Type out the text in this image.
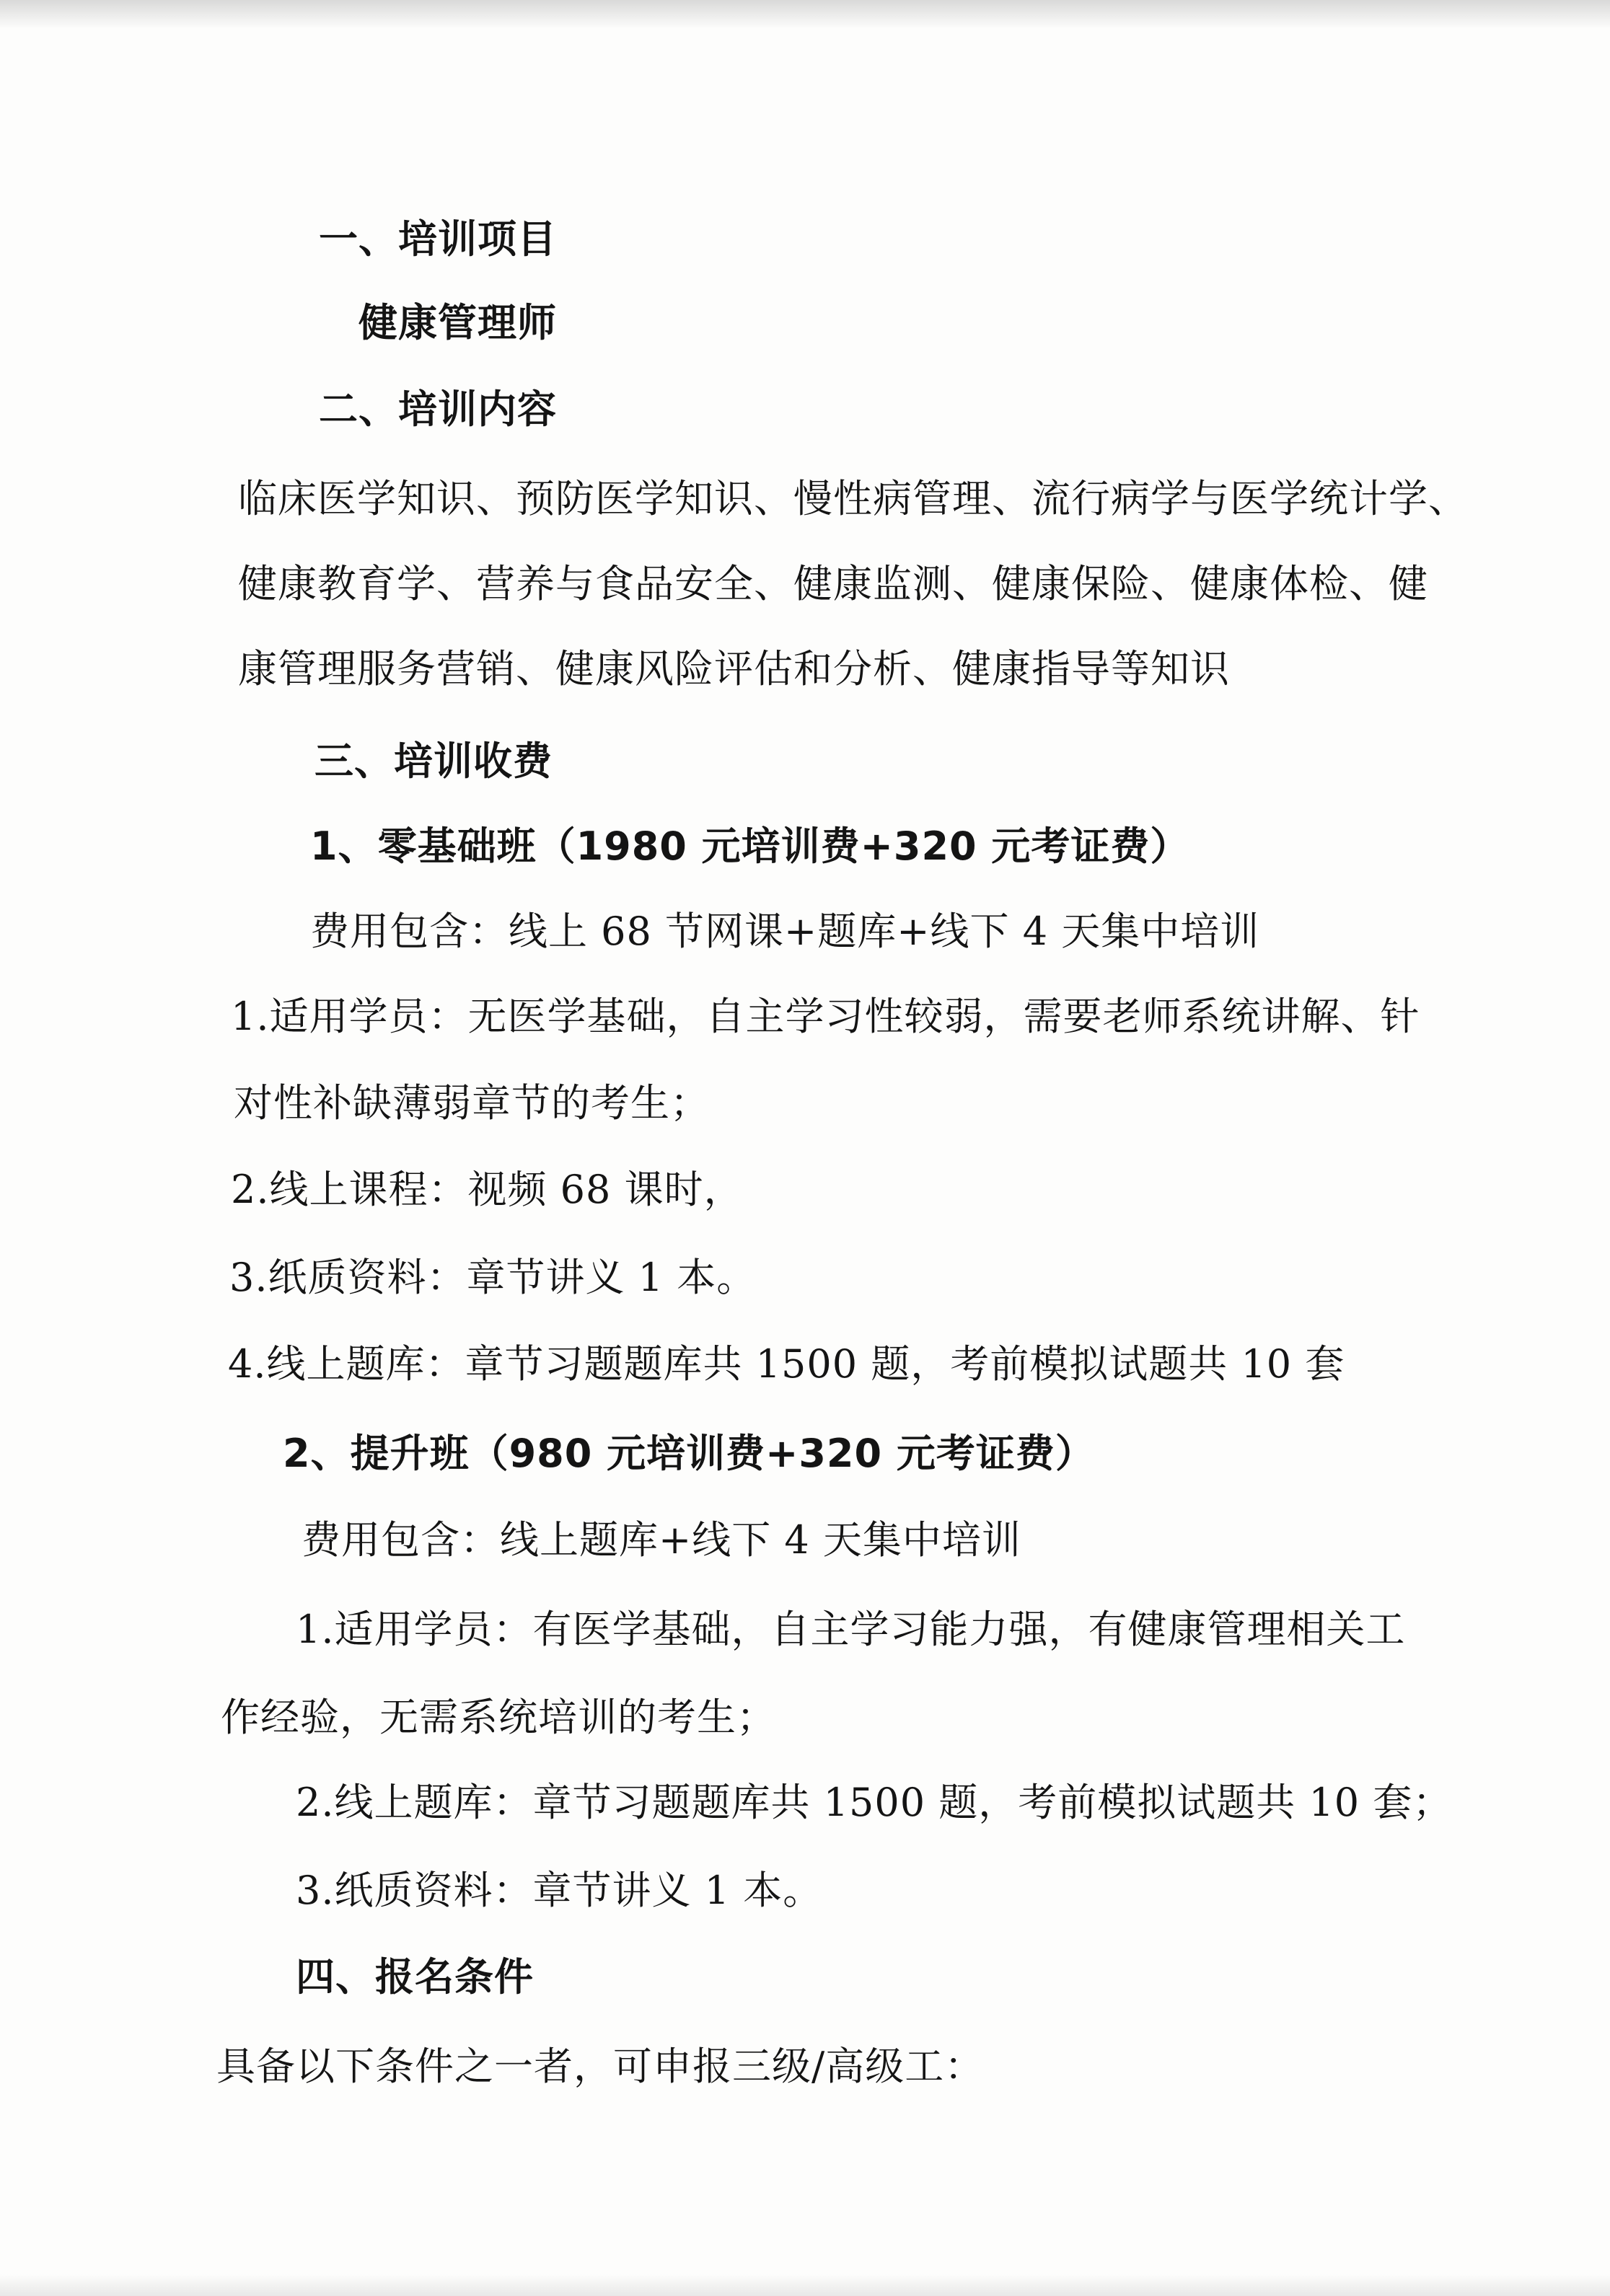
一、培训项目
健康管理师
二、培训内容
临床医学知识、预防医学知识、慢性病管理、流行病学与医学统计学、
健康教育学、营养与食品安全、健康监测、健康保险、健康体检、健
康管理服务营销、健康风险评估和分析、健康指导等知识
三、培训收费
1、零基础班（1980 元培训费+320 元考证费）
费用包含：线上 68 节网课+题库+线下 4 天集中培训
1.适用学员：无医学基础，自主学习性较弱，需要老师系统讲解、针
对性补缺薄弱章节的考生；
2.线上课程：视频 68 课时，
3.纸质资料：章节讲义 1 本。
4.线上题库：章节习题题库共 1500 题，考前模拟试题共 10 套
2、提升班（980 元培训费+320 元考证费）
费用包含：线上题库+线下 4 天集中培训
1.适用学员：有医学基础，自主学习能力强，有健康管理相关工
作经验，无需系统培训的考生；
2.线上题库：章节习题题库共 1500 题，考前模拟试题共 10 套；
3.纸质资料：章节讲义 1 本。
四、报名条件
具备以下条件之一者，可申报三级/高级工：
